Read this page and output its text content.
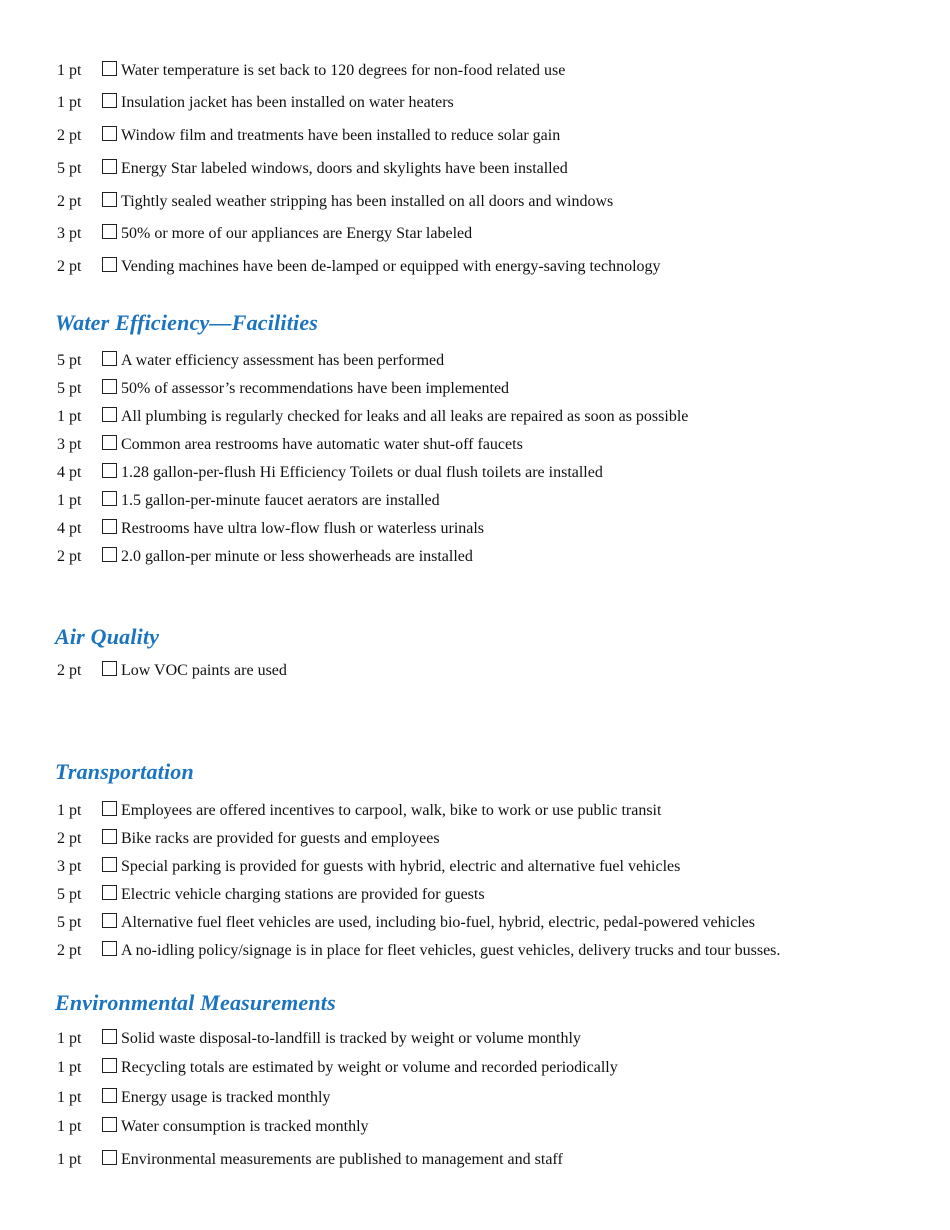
1 pt Water temperature is set back to 120 degrees for non-food related use
1 pt Insulation jacket has been installed on water heaters
2 pt Window film and treatments have been installed to reduce solar gain
5 pt Energy Star labeled windows, doors and skylights have been installed
2 pt Tightly sealed weather stripping has been installed on all doors and windows
3 pt 50% or more of our appliances are Energy Star labeled
2 pt Vending machines have been de-lamped or equipped with energy-saving technology
Water Efficiency—Facilities
5 pt A water efficiency assessment has been performed
5 pt 50% of assessor’s recommendations have been implemented
1 pt All plumbing is regularly checked for leaks and all leaks are repaired as soon as possible
3 pt Common area restrooms have automatic water shut-off faucets
4 pt 1.28 gallon-per-flush Hi Efficiency Toilets or dual flush toilets are installed
1 pt 1.5 gallon-per-minute faucet aerators are installed
4 pt Restrooms have ultra low-flow flush or waterless urinals
2 pt 2.0 gallon-per minute or less showerheads are installed
Air Quality
2 pt Low VOC paints are used
Transportation
1 pt Employees are offered incentives to carpool, walk, bike to work or use public transit
2 pt Bike racks are provided for guests and employees
3 pt Special parking is provided for guests with hybrid, electric and alternative fuel vehicles
5 pt Electric vehicle charging stations are provided for guests
5 pt Alternative fuel fleet vehicles are used, including bio-fuel, hybrid, electric, pedal-powered vehicles
2 pt A no-idling policy/signage is in place for fleet vehicles, guest vehicles, delivery trucks and tour busses.
Environmental Measurements
1 pt Solid waste disposal-to-landfill is tracked by weight or volume monthly
1 pt Recycling totals are estimated by weight or volume and recorded periodically
1 pt Energy usage is tracked monthly
1 pt Water consumption is tracked monthly
1 pt Environmental measurements are published to management and staff
